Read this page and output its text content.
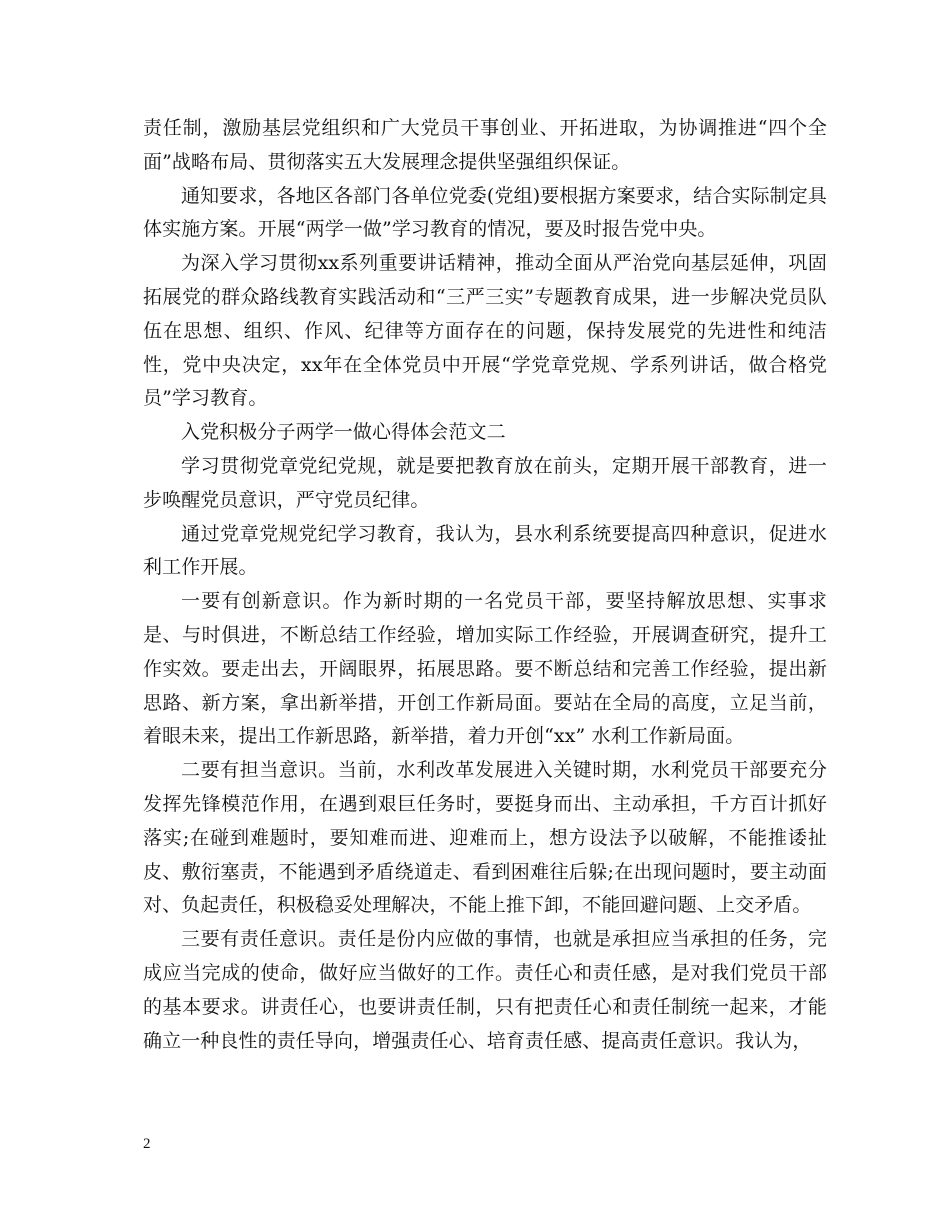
责任制，激励基层党组织和广大党员干事创业、开拓进取，为协调推进“四个全面”战略布局、贯彻落实五大发展理念提供坚强组织保证。

通知要求，各地区各部门各单位党委(党组)要根据方案要求，结合实际制定具体实施方案。开展“两学一做”学习教育的情况，要及时报告党中央。

为深入学习贯彻xx系列重要讲话精神，推动全面从严治党向基层延伸，巩固拓展党的群众路线教育实践活动和“三严三实”专题教育成果，进一步解决党员队伍在思想、组织、作风、纪律等方面存在的问题，保持发展党的先进性和纯洁性，党中央决定，xx年在全体党员中开展“学党章党规、学系列讲话，做合格党员”学习教育。

入党积极分子两学一做心得体会范文二

学习贯彻党章党纪党规，就是要把教育放在前头，定期开展干部教育，进一步唤醒党员意识，严守党员纪律。

通过党章党规党纪学习教育，我认为，县水利系统要提高四种意识，促进水利工作开展。

一要有创新意识。作为新时期的一名党员干部，要坚持解放思想、实事求是、与时俱进，不断总结工作经验，增加实际工作经验，开展调查研究，提升工作实效。要走出去，开阔眼界，拓展思路。要不断总结和完善工作经验，提出新思路、新方案，拿出新举措，开创工作新局面。要站在全局的高度，立足当前，着眼未来，提出工作新思路，新举措，着力开创“xx” 水利工作新局面。

二要有担当意识。当前，水利改革发展进入关键时期，水利党员干部要充分发挥先锋模范作用，在遇到艰巨任务时，要挺身而出、主动承担，千方百计抓好落实;在碰到难题时，要知难而进、迎难而上，想方设法予以破解，不能推诿扯皮、敷衍塞责，不能遇到矛盾绕道走、看到困难往后躲;在出现问题时，要主动面对、负起责任，积极稳妥处理解决，不能上推下卸，不能回避问题、上交矛盾。

三要有责任意识。责任是份内应做的事情，也就是承担应当承担的任务，完成应当完成的使命，做好应当做好的工作。责任心和责任感，是对我们党员干部的基本要求。讲责任心，也要讲责任制，只有把责任心和责任制统一起来，才能确立一种良性的责任导向，增强责任心、培育责任感、提高责任意识。我认为，

2
